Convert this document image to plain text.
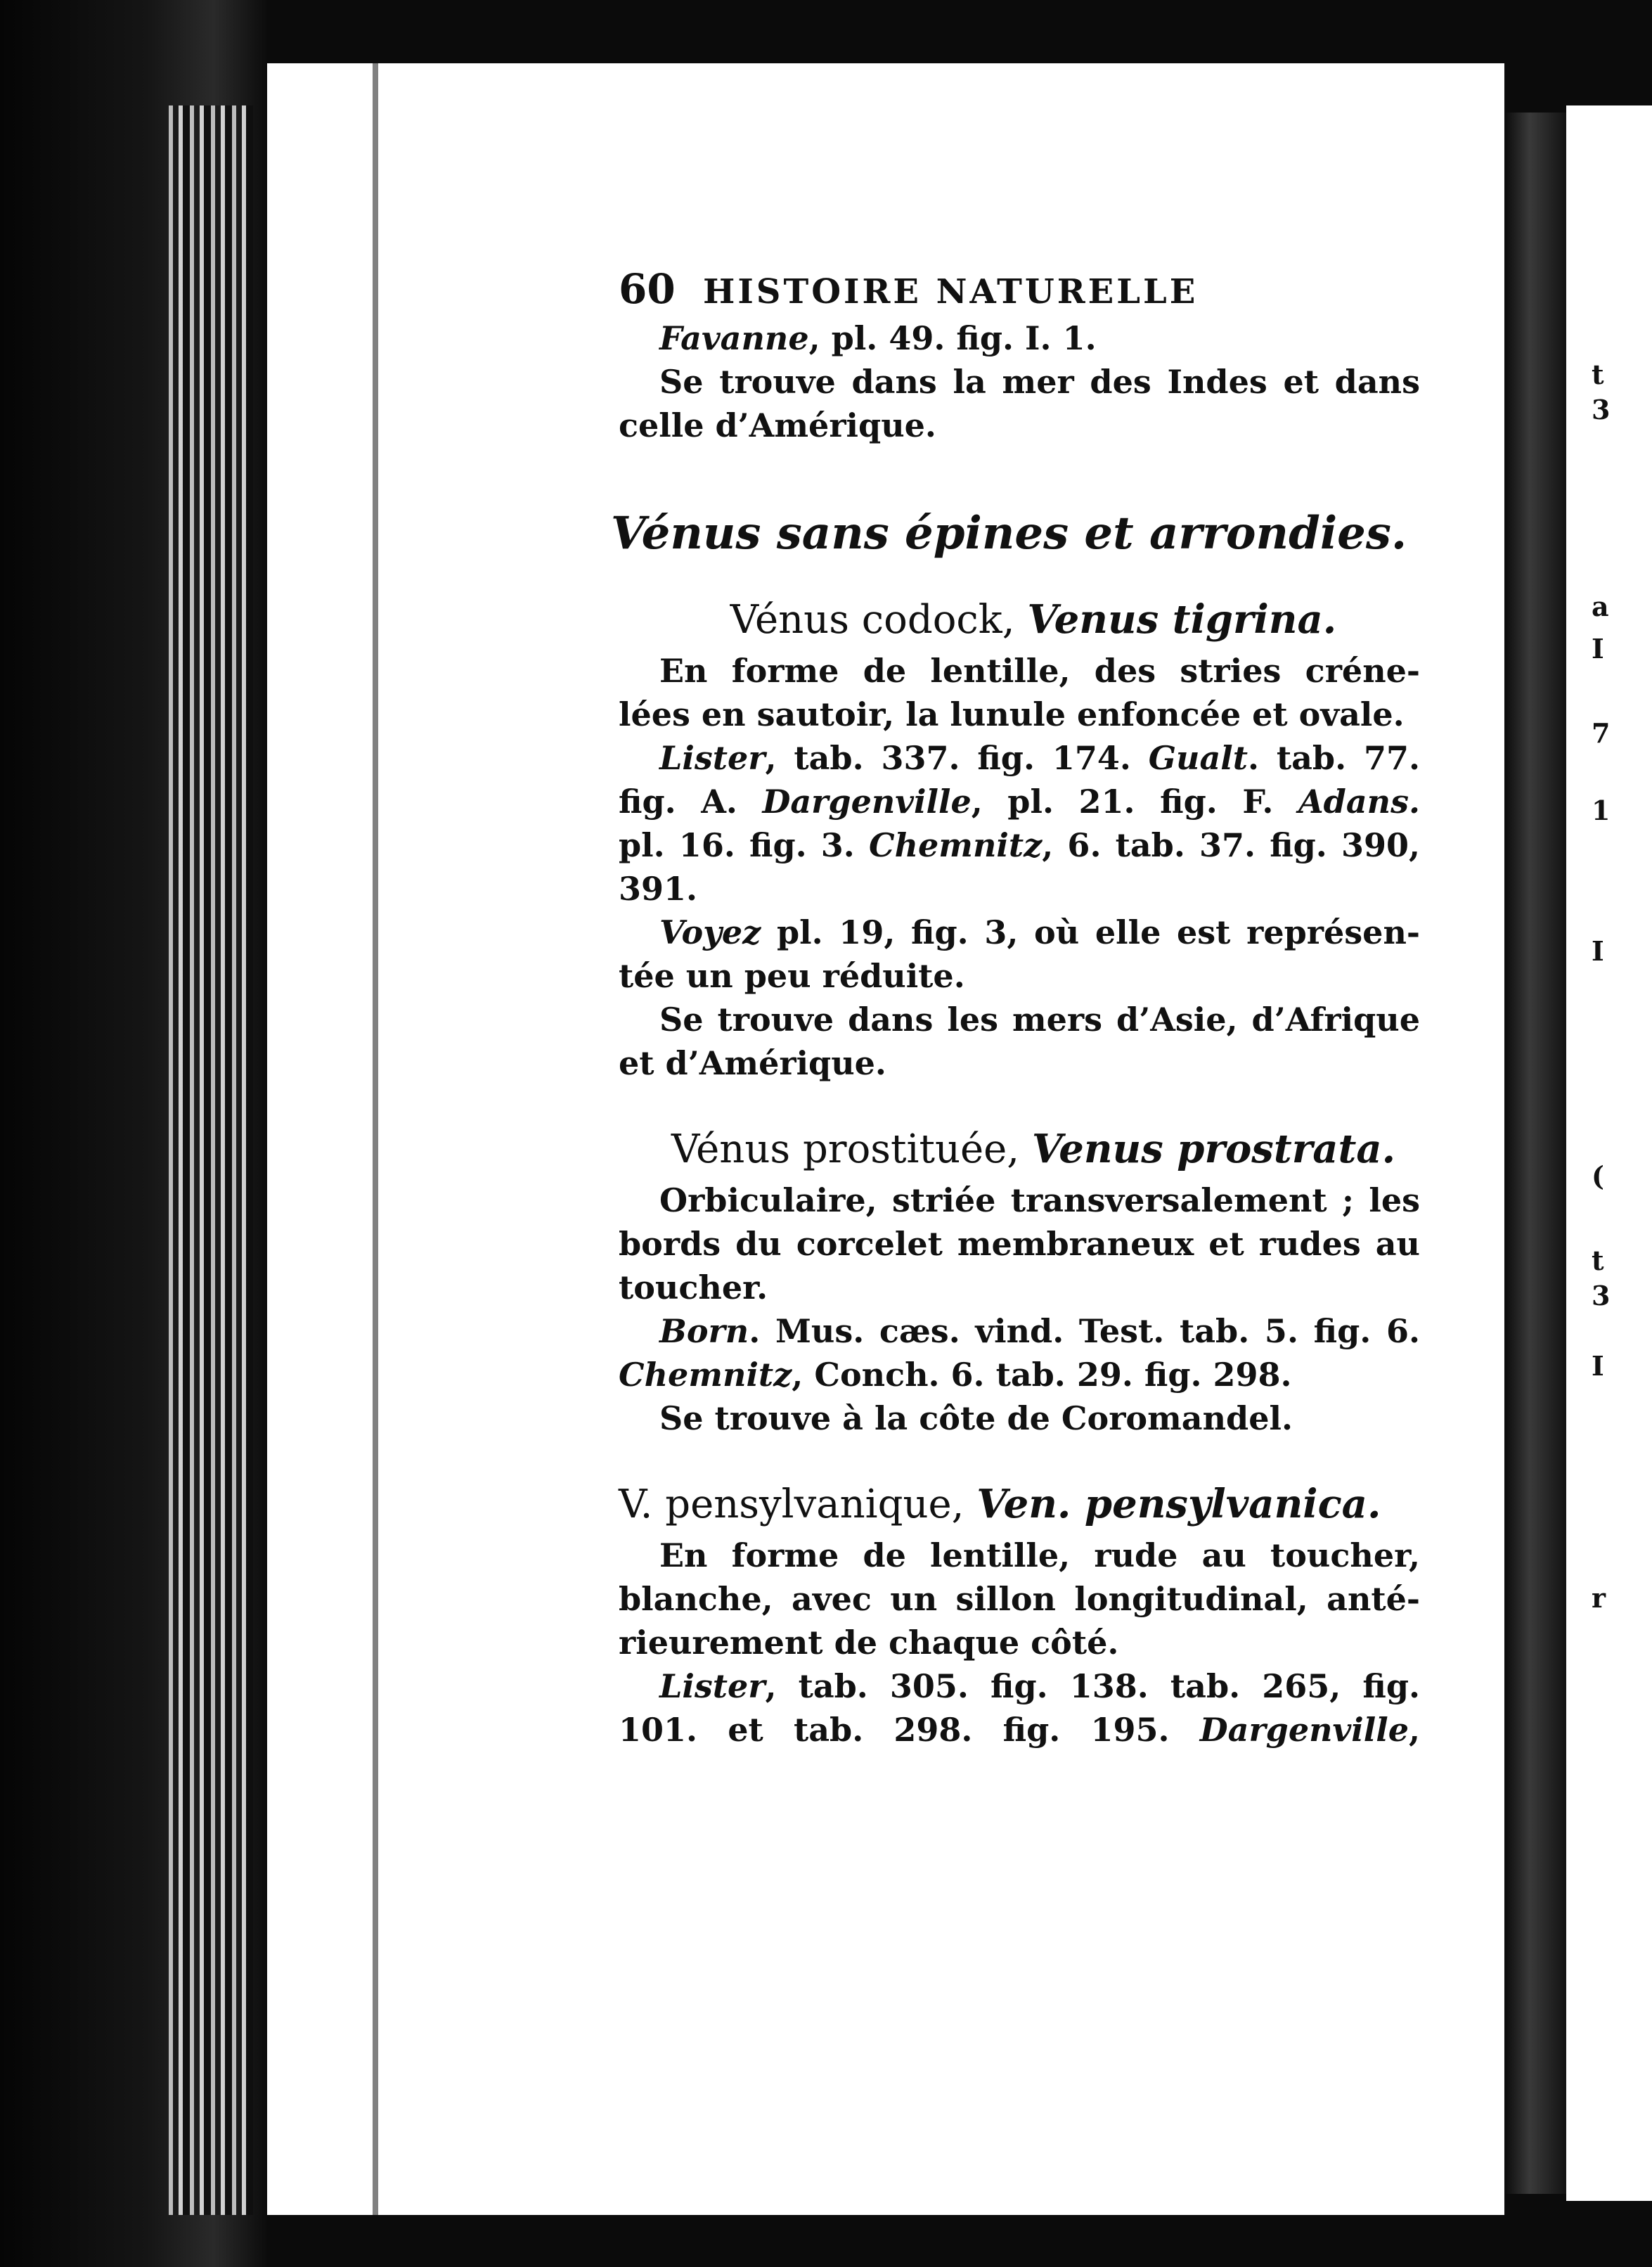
t
3
a
I
7
1
I
(
t
3
I
r
60 HISTOIRE NATURELLE
Favanne, pl. 49. fig. I. 1.
Se trouve dans la mer des Indes et dans
celle d’Amérique.
Vénus sans épines et arrondies.
Vénus codock, Venus tigrina.
En forme de lentille, des stries créne-
lées en sautoir, la lunule enfoncée et ovale.
Lister, tab. 337. fig. 174. Gualt. tab. 77.
fig. A. Dargenville, pl. 21. fig. F. Adans.
pl. 16. fig. 3. Chemnitz, 6. tab. 37. fig. 390,
391.
Voyez pl. 19, fig. 3, où elle est représen-
tée un peu réduite.
Se trouve dans les mers d’Asie, d’Afrique
et d’Amérique.
Vénus prostituée, Venus prostrata.
Orbiculaire, striée transversalement ; les
bords du corcelet membraneux et rudes au
toucher.
Born. Mus. cæs. vind. Test. tab. 5. fig. 6.
Chemnitz, Conch. 6. tab. 29. fig. 298.
Se trouve à la côte de Coromandel.
V. pensylvanique, Ven. pensylvanica.
En forme de lentille, rude au toucher,
blanche, avec un sillon longitudinal, anté-
rieurement de chaque côté.
Lister, tab. 305. fig. 138. tab. 265, fig.
101. et tab. 298. fig. 195. Dargenville,
